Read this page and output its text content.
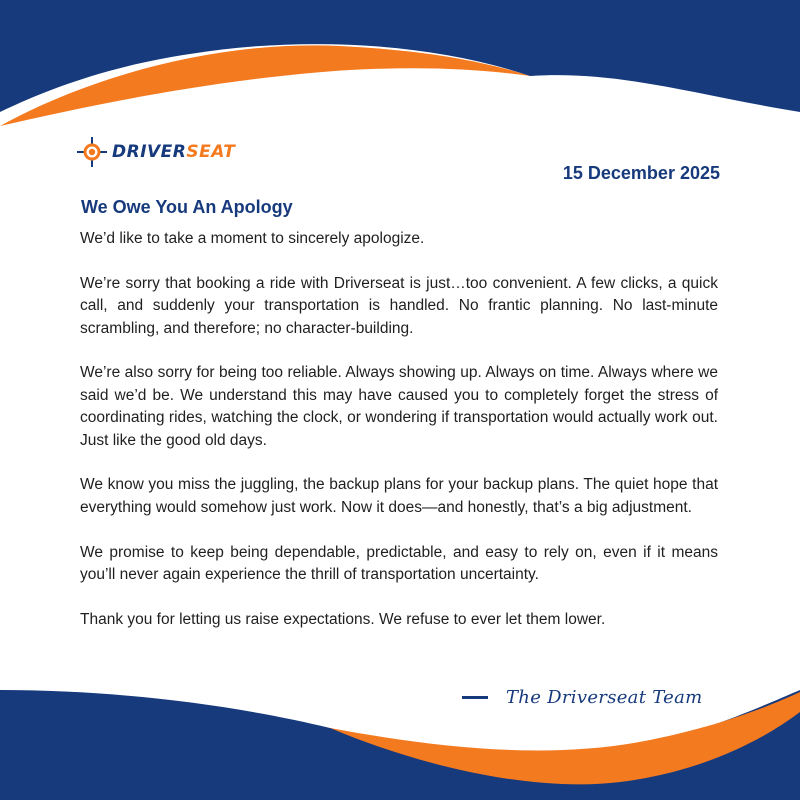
DRIVERSEAT
15 December 2025
We Owe You An Apology

We’d like to take a moment to sincerely apologize.

We’re sorry that booking a ride with Driverseat is just…too convenient. A few clicks, a quick call, and suddenly your transportation is handled. No frantic planning. No last-minute scrambling, and therefore; no character-building.

We’re also sorry for being too reliable. Always showing up. Always on time. Always where we said we’d be. We understand this may have caused you to completely forget the stress of coordinating rides, watching the clock, or wondering if transportation would actually work out. Just like the good old days.

We know you miss the juggling, the backup plans for your backup plans. The quiet hope that everything would somehow just work. Now it does—and honestly, that’s a big adjustment.

We promise to keep being dependable, predictable, and easy to rely on, even if it means you’ll never again experience the thrill of transportation uncertainty.

Thank you for letting us raise expectations. We refuse to ever let them lower.

The Driverseat Team
